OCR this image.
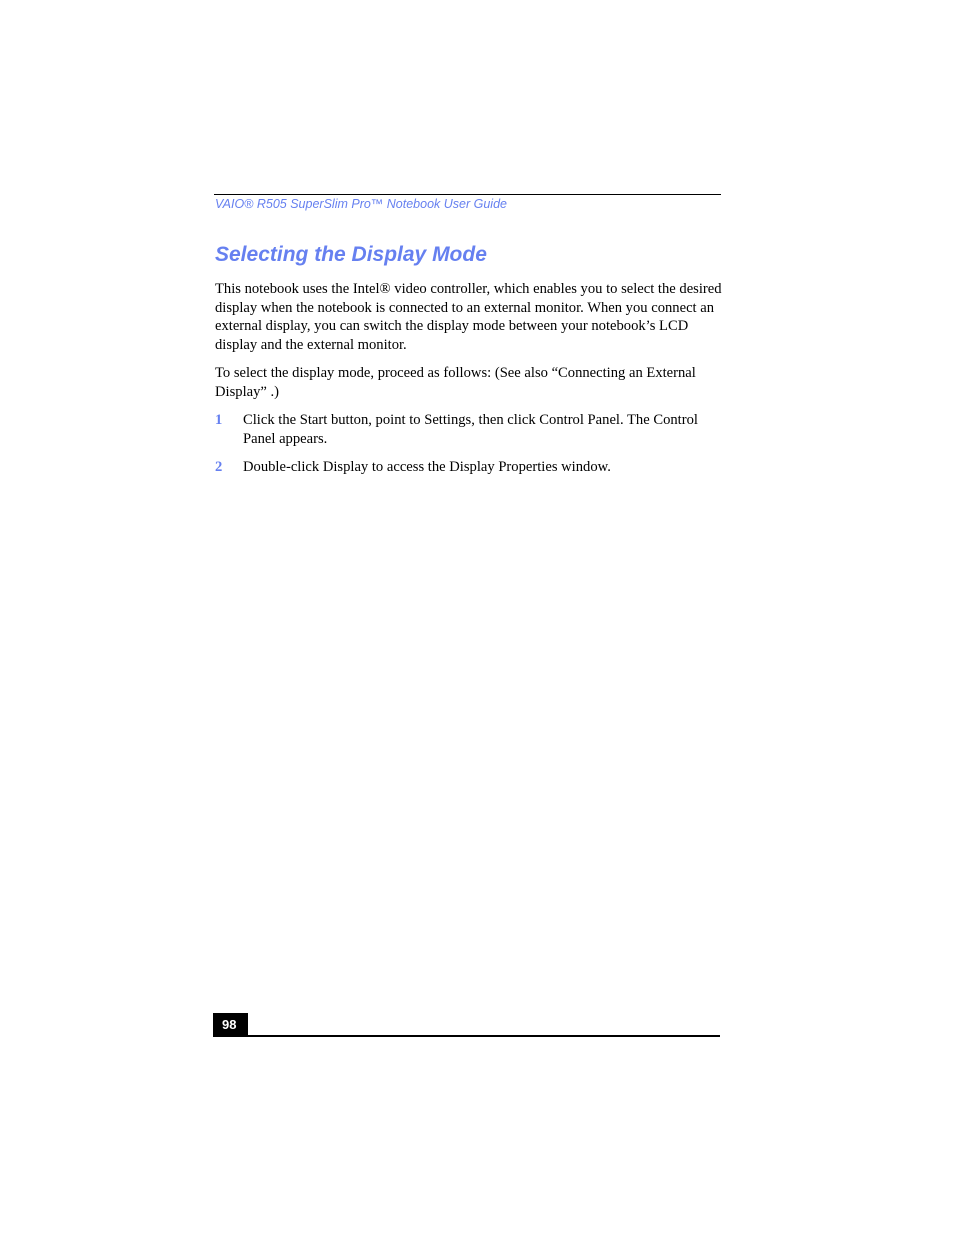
VAIO® R505 SuperSlim Pro™ Notebook User Guide
Selecting the Display Mode

This notebook uses the Intel® video controller, which enables you to select the desired display when the notebook is connected to an external monitor. When you connect an external display, you can switch the display mode between your notebook’s LCD display and the external monitor.

To select the display mode, proceed as follows: (See also “Connecting an External Display” .)

1 Click the Start button, point to Settings, then click Control Panel. The Control Panel appears.
2 Double-click Display to access the Display Properties window.
98
